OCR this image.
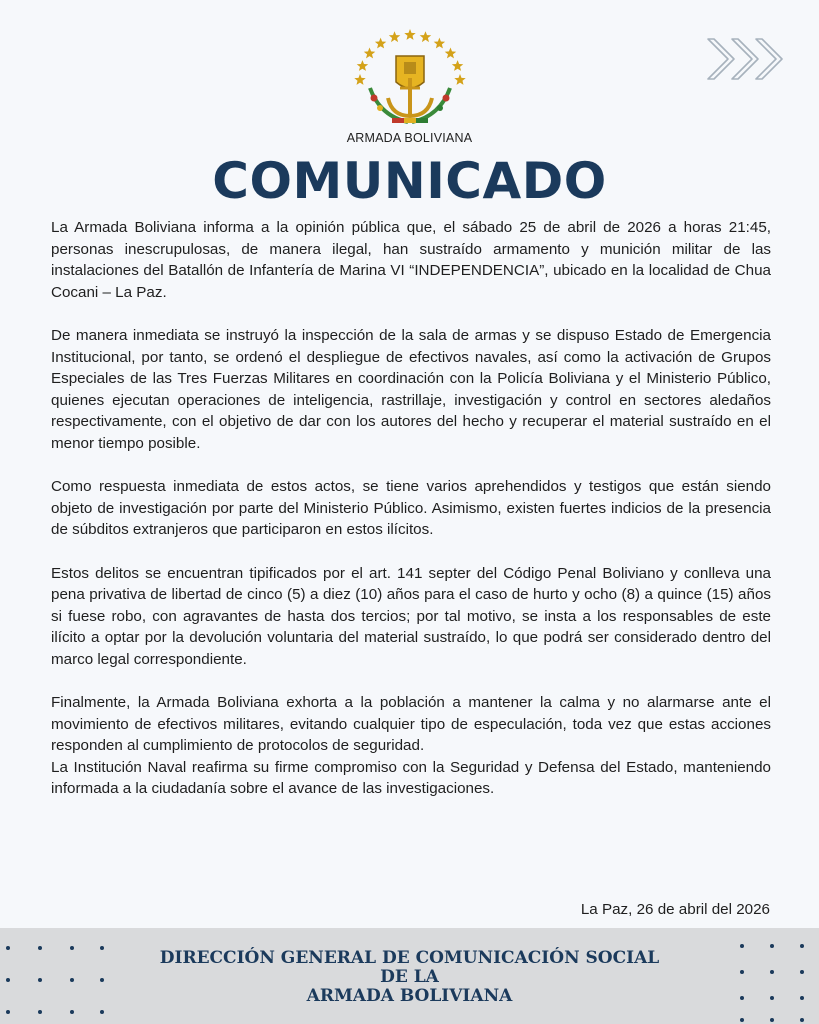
ARMADA BOLIVIANA
COMUNICADO

La Armada Boliviana informa a la opinión pública que, el sábado 25 de abril de 2026 a horas 21:45, personas inescrupulosas, de manera ilegal, han sustraído armamento y munición militar de las instalaciones del Batallón de Infantería de Marina VI “INDEPENDENCIA”, ubicado en la localidad de Chua Cocani – La Paz.

De manera inmediata se instruyó la inspección de la sala de armas y se dispuso Estado de Emergencia Institucional, por tanto, se ordenó el despliegue de efectivos navales, así como la activación de Grupos Especiales de las Tres Fuerzas Militares en coordinación con la Policía Boliviana y el Ministerio Público, quienes ejecutan operaciones de inteligencia, rastrillaje, investigación y control en sectores aledaños respectivamente, con el objetivo de dar con los autores del hecho y recuperar el material sustraído en el menor tiempo posible.

Como respuesta inmediata de estos actos, se tiene varios aprehendidos y testigos que están siendo objeto de investigación por parte del Ministerio Público. Asimismo, existen fuertes indicios de la presencia de súbditos extranjeros que participaron en estos ilícitos.

Estos delitos se encuentran tipificados por el art. 141 septer del Código Penal Boliviano y conlleva una pena privativa de libertad de cinco (5) a diez (10) años para el caso de hurto y ocho (8) a quince (15) años si fuese robo, con agravantes de hasta dos tercios; por tal motivo, se insta a los responsables de este ilícito a optar por la devolución voluntaria del material sustraído, lo que podrá ser considerado dentro del marco legal correspondiente.

Finalmente, la Armada Boliviana exhorta a la población a mantener la calma y no alarmarse ante el movimiento de efectivos militares, evitando cualquier tipo de especulación, toda vez que estas acciones responden al cumplimiento de protocolos de seguridad.

La Institución Naval reafirma su firme compromiso con la Seguridad y Defensa del Estado, manteniendo informada a la ciudadanía sobre el avance de las investigaciones.

La Paz, 26 de abril del 2026
DIRECCIÓN GENERAL DE COMUNICACIÓN SOCIAL DE LA
ARMADA BOLIVIANA
